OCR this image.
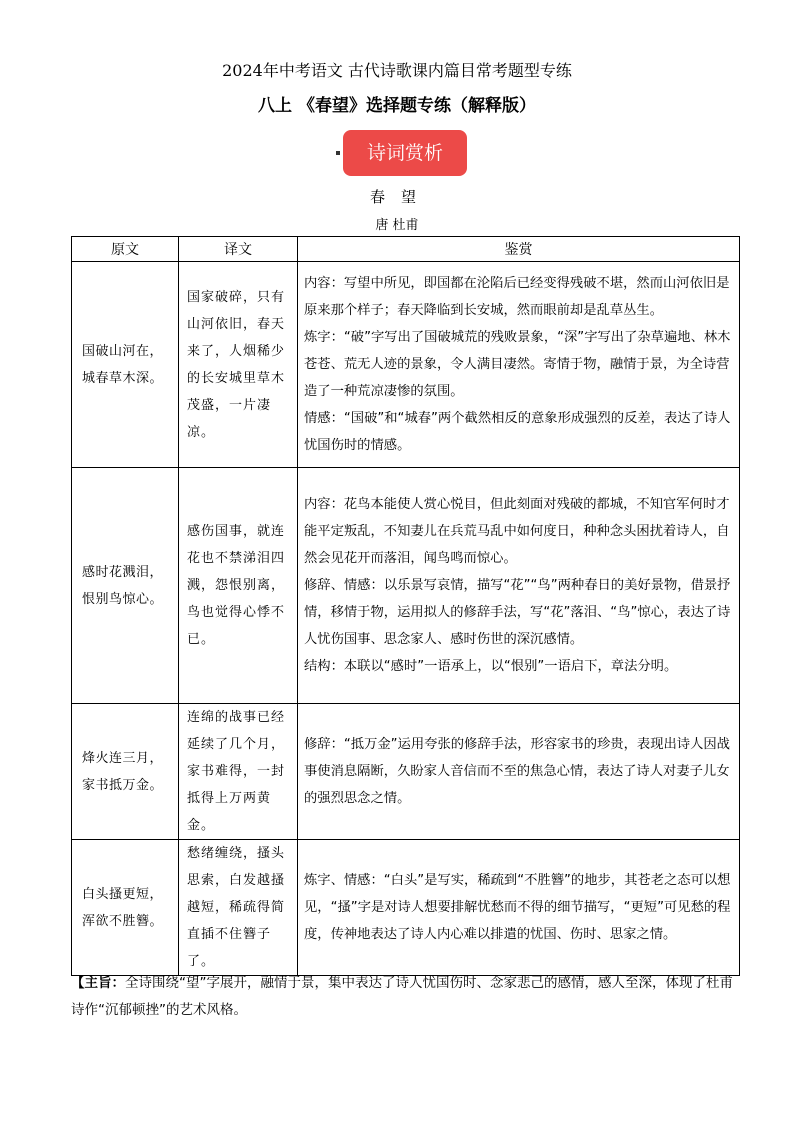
2024年中考语文 古代诗歌课内篇目常考题型专练
八上 《春望》选择题专练（解释版）
诗词赏析
春望
唐 杜甫
原文	译文	鉴赏
国破山河在，城春草木深。	国家破碎，只有山河依旧，春天来了，人烟稀少的长安城里草木茂盛，一片凄凉。	内容：写望中所见，即国都在沦陷后已经变得残破不堪，然而山河依旧是原来那个样子；春天降临到长安城，然而眼前却是乱草丛生。

炼字：“破”字写出了国破城荒的残败景象，“深”字写出了杂草遍地、林木苍苍、荒无人迹的景象，令人满目凄然。寄情于物，融情于景，为全诗营造了一种荒凉凄惨的氛围。

情感：“国破”和“城春”两个截然相反的意象形成强烈的反差，表达了诗人忧国伤时的情感。

感时花溅泪，恨别鸟惊心。	感伤国事，就连花也不禁涕泪四溅，怨恨别离，鸟也觉得心悸不已。	内容：花鸟本能使人赏心悦目，但此刻面对残破的都城，不知官军何时才能平定叛乱，不知妻儿在兵荒马乱中如何度日，种种念头困扰着诗人，自然会见花开而落泪，闻鸟鸣而惊心。

修辞、情感：以乐景写哀情，描写“花”“鸟”两种春日的美好景物，借景抒情，移情于物，运用拟人的修辞手法，写“花”落泪、“鸟”惊心，表达了诗人忧伤国事、思念家人、感时伤世的深沉感情。

结构：本联以“感时”一语承上，以“恨别”一语启下，章法分明。

烽火连三月，家书抵万金。	连绵的战事已经延续了几个月，家书难得，一封抵得上万两黄金。	修辞：“抵万金”运用夸张的修辞手法，形容家书的珍贵，表现出诗人因战事使消息隔断，久盼家人音信而不至的焦急心情，表达了诗人对妻子儿女的强烈思念之情。

白头搔更短，浑欲不胜簪。	愁绪缠绕，搔头思索，白发越搔越短，稀疏得简直插不住簪子了。	炼字、情感：“白头”是写实，稀疏到“不胜簪”的地步，其苍老之态可以想见，“搔”字是对诗人想要排解忧愁而不得的细节描写，“更短”可见愁的程度，传神地表达了诗人内心难以排遣的忧国、伤时、思家之情。

【主旨：全诗围绕“望”字展开，融情于景，集中表达了诗人忧国伤时、念家悲己的感情，感人至深，体现了杜甫诗作“沉郁顿挫”的艺术风格。
